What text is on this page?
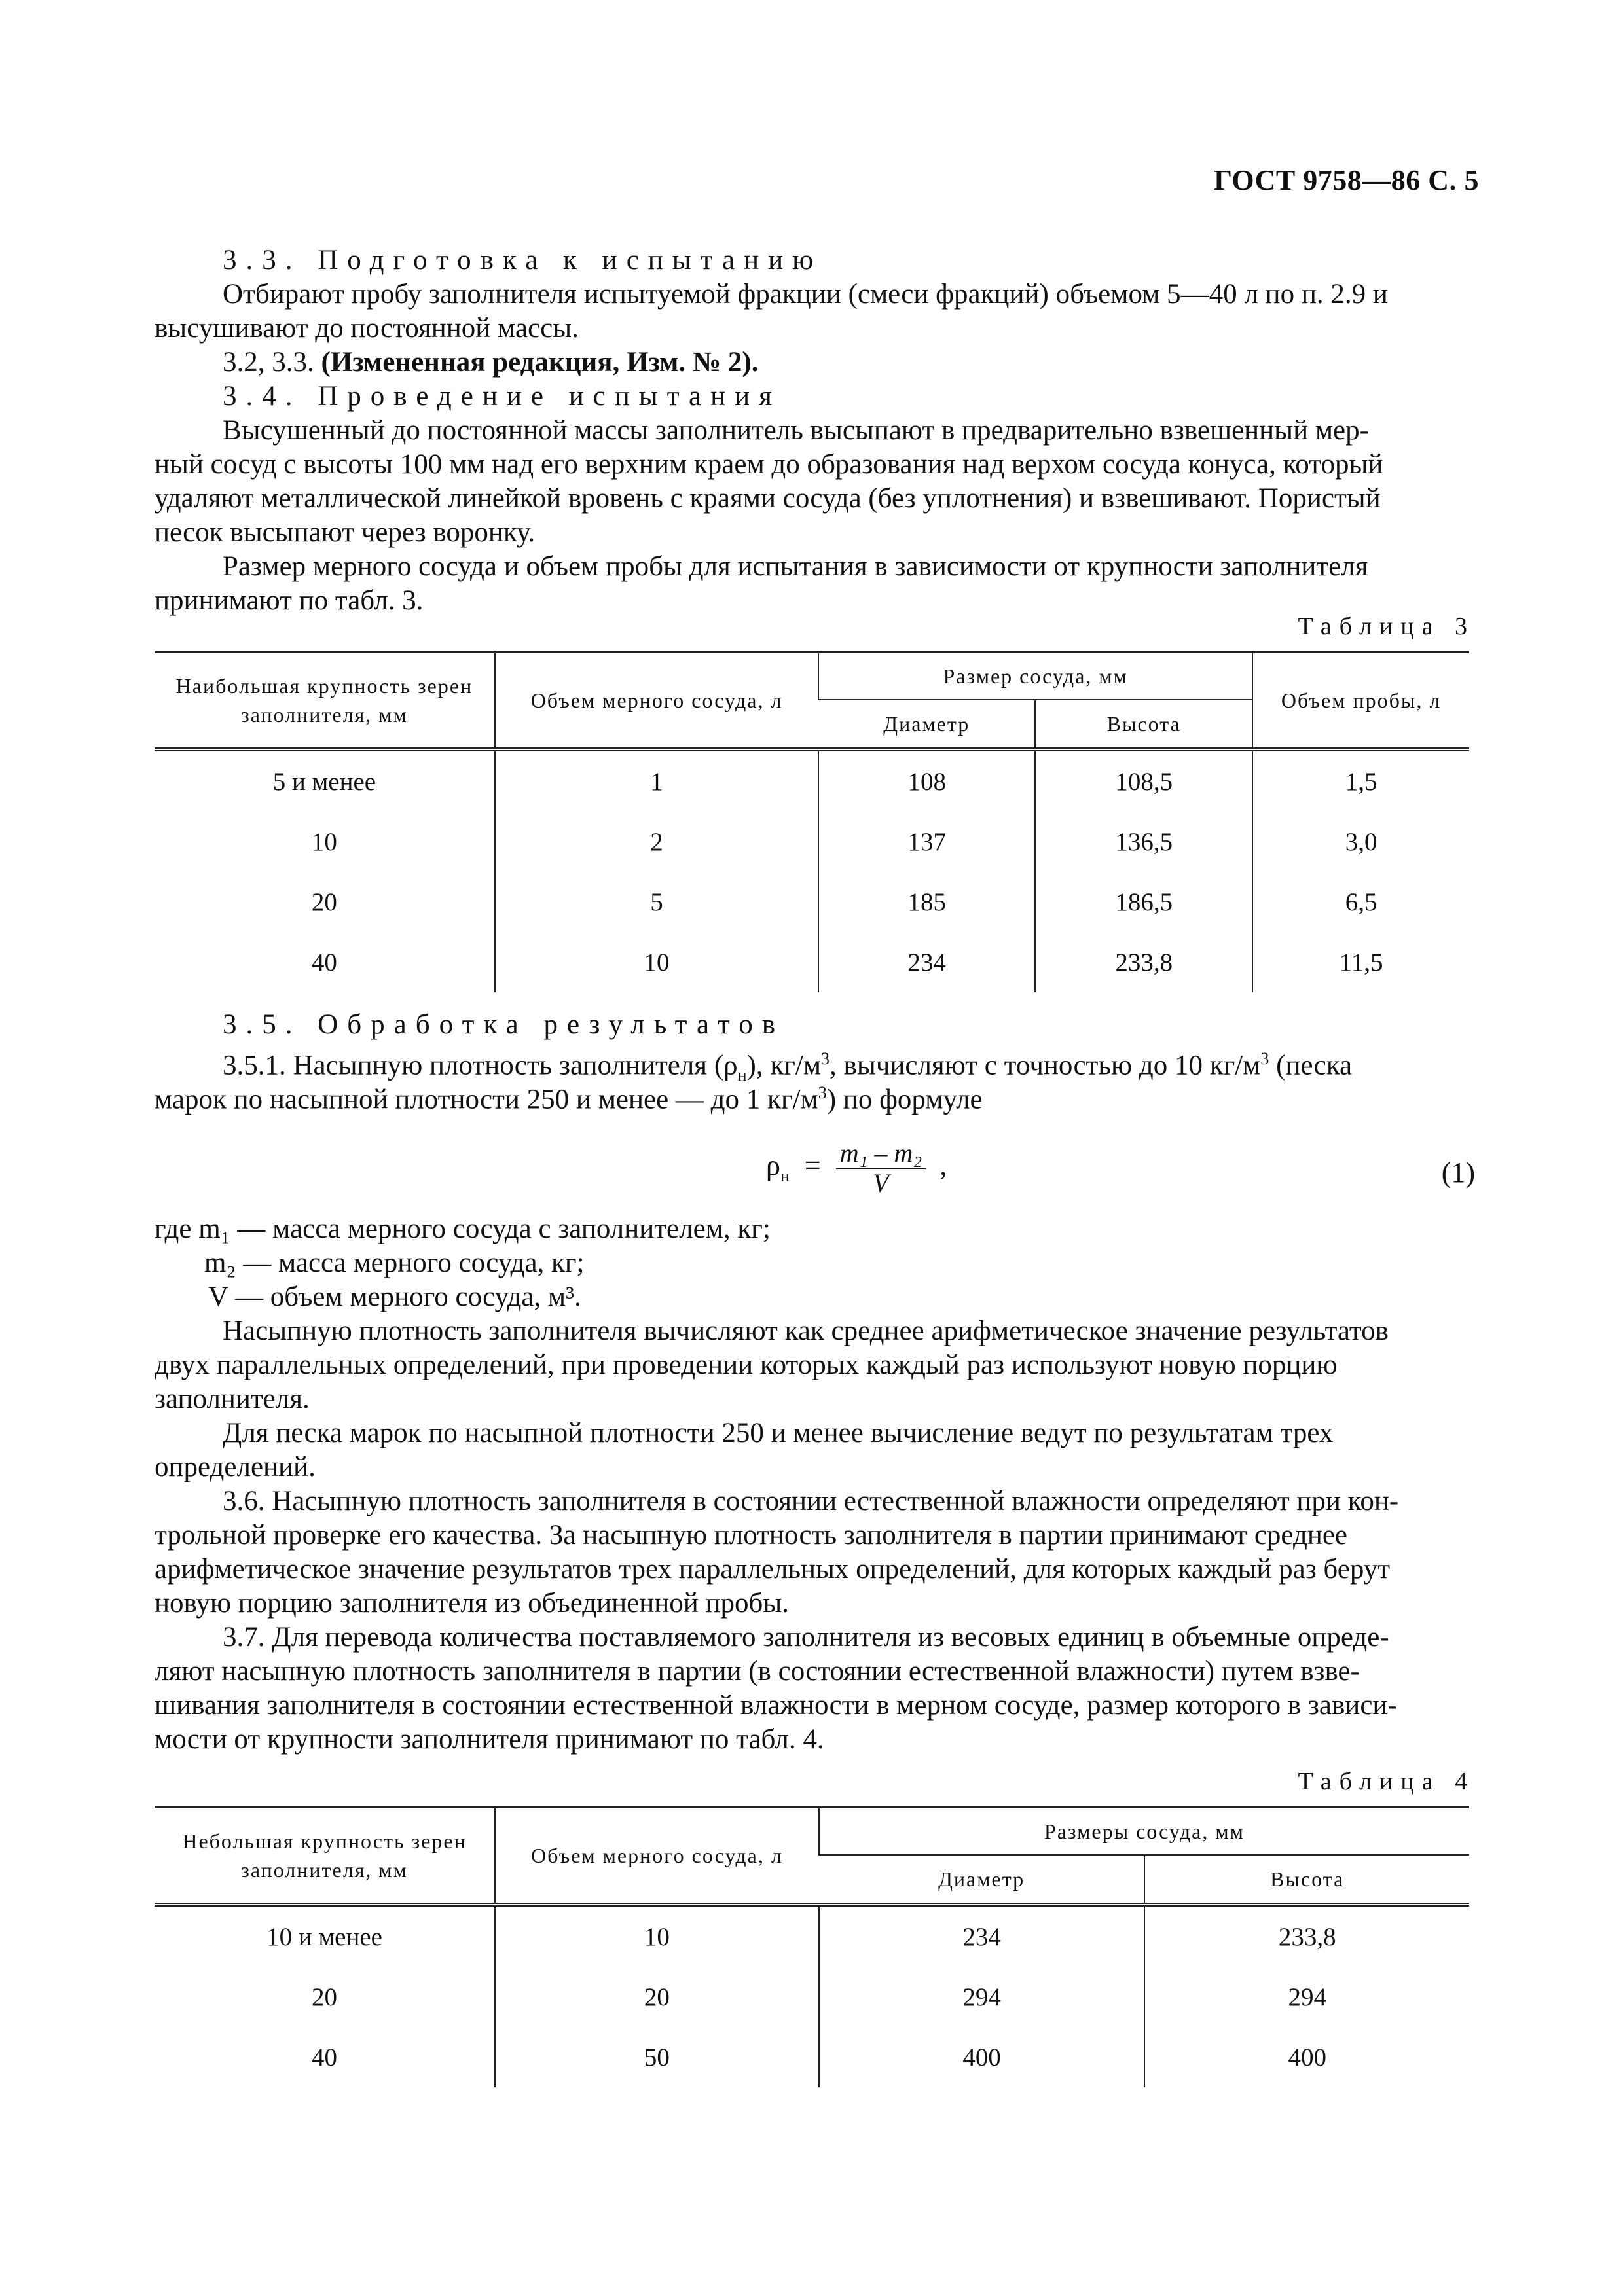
ГОСТ 9758—86 С. 5
3.3. Подготовка к испытанию
Отбирают пробу заполнителя испытуемой фракции (смеси фракций) объемом 5—40 л по п. 2.9 и
высушивают до постоянной массы.
3.2, 3.3. (Измененная редакция, Изм. № 2).
3.4. Проведение испытания
Высушенный до постоянной массы заполнитель высыпают в предварительно взвешенный мер-
ный сосуд с высоты 100 мм над его верхним краем до образования над верхом сосуда конуса, который
удаляют металлической линейкой вровень с краями сосуда (без уплотнения) и взвешивают. Пористый
песок высыпают через воронку.
Размер мерного сосуда и объем пробы для испытания в зависимости от крупности заполнителя
принимают по табл. 3.
Таблица 3
Наибольшая крупность зерен заполнителя, мм	Объем мерного сосуда, л	Размер сосуда, мм		Объем пробы, л
		Диаметр	Высота	
5 и менее	1	108	108,5	1,5
10	2	137	136,5	3,0
20	5	185	186,5	6,5
40	10	234	233,8	11,5
3.5. Обработка результатов
3.5.1. Насыпную плотность заполнителя $(\rho_н)$, $кг/м^3$, вычисляют с точностью до 10 $кг/м^3$ (песка
марок по насыпной плотности 250 и менее — до 1 $кг/м^3$) по формуле
$\rho_н = \frac{\text{m₁ – m₂}}{V}$ ,	(1)
где m₁ — масса мерного сосуда с заполнителем, кг;
m₂ — масса мерного сосуда, кг;
V — объем мерного сосуда, м³.
Насыпную плотность заполнителя вычисляют как среднее арифметическое значение результатов
двух параллельных определений, при проведении которых каждый раз используют новую порцию
заполнителя.
Для песка марок по насыпной плотности 250 и менее вычисление ведут по результатам трех
определений.
3.6. Насыпную плотность заполнителя в состоянии естественной влажности определяют при кон-
трольной проверке его качества. За насыпную плотность заполнителя в партии принимают среднее
арифметическое значение результатов трех параллельных определений, для которых каждый раз берут
новую порцию заполнителя из объединенной пробы.
3.7. Для перевода количества поставляемого заполнителя из весовых единиц в объемные опреде-
ляют насыпную плотность заполнителя в партии (в состоянии естественной влажности) путем взве-
шивания заполнителя в состоянии естественной влажности в мерном сосуде, размер которого в зависи-
мости от крупности заполнителя принимают по табл. 4.
Таблица 4
Небольшая крупность зерен заполнителя, мм	Объем мерного сосуда, л	Размеры сосуда, мм	
		Диаметр	Высота
10 и менее	10	234	233,8
20	20	294	294
40	50	400	400
